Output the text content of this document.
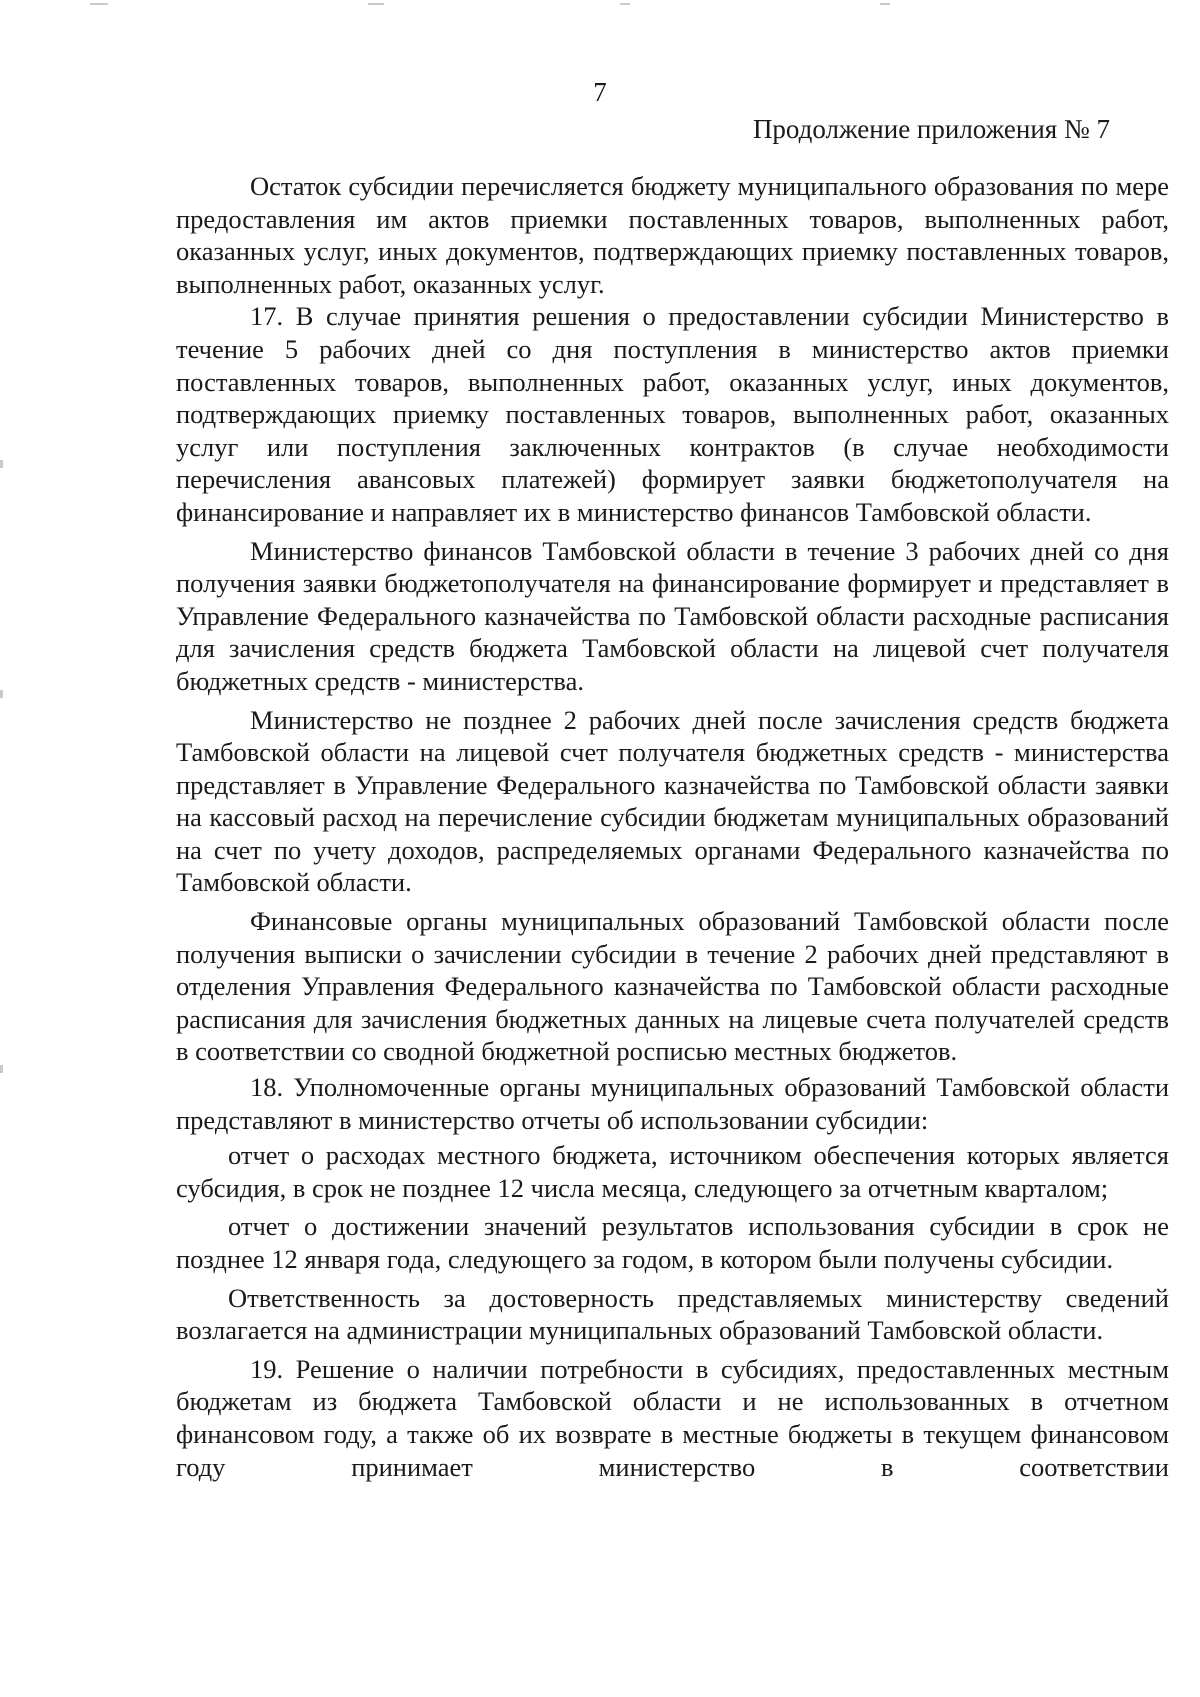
7
Продолжение приложения № 7

Остаток субсидии перечисляется бюджету муниципального образования по мере предоставления им актов приемки поставленных товаров, выполненных работ, оказанных услуг, иных документов, подтверждающих приемку поставленных товаров, выполненных работ, оказанных услуг.

17. В случае принятия решения о предоставлении субсидии Министерство в течение 5 рабочих дней со дня поступления в министерство актов приемки поставленных товаров, выполненных работ, оказанных услуг, иных документов, подтверждающих приемку поставленных товаров, выполненных работ, оказанных услуг или поступления заключенных контрактов (в случае необходимости перечисления авансовых платежей) формирует заявки бюджетополучателя на финансирование и направляет их в министерство финансов Тамбовской области.

Министерство финансов Тамбовской области в течение 3 рабочих дней со дня получения заявки бюджетополучателя на финансирование формирует и представляет в Управление Федерального казначейства по Тамбовской области расходные расписания для зачисления средств бюджета Тамбовской области на лицевой счет получателя бюджетных средств - министерства.

Министерство не позднее 2 рабочих дней после зачисления средств бюджета Тамбовской области на лицевой счет получателя бюджетных средств - министерства представляет в Управление Федерального казначейства по Тамбовской области заявки на кассовый расход на перечисление субсидии бюджетам муниципальных образований на счет по учету доходов, распределяемых органами Федерального казначейства по Тамбовской области.

Финансовые органы муниципальных образований Тамбовской области после получения выписки о зачислении субсидии в течение 2 рабочих дней представляют в отделения Управления Федерального казначейства по Тамбовской области расходные расписания для зачисления бюджетных данных на лицевые счета получателей средств в соответствии со сводной бюджетной росписью местных бюджетов.

18. Уполномоченные органы муниципальных образований Тамбовской области представляют в министерство отчеты об использовании субсидии:

отчет о расходах местного бюджета, источником обеспечения которых является субсидия, в срок не позднее 12 числа месяца, следующего за отчетным кварталом;

отчет о достижении значений результатов использования субсидии в срок не позднее 12 января года, следующего за годом, в котором были получены субсидии.

Ответственность за достоверность представляемых министерству сведений возлагается на администрации муниципальных образований Тамбовской области.

19. Решение о наличии потребности в субсидиях, предоставленных местным бюджетам из бюджета Тамбовской области и не использованных в отчетном финансовом году, а также об их возврате в местные бюджеты в текущем финансовом году принимает министерство в соответствии
